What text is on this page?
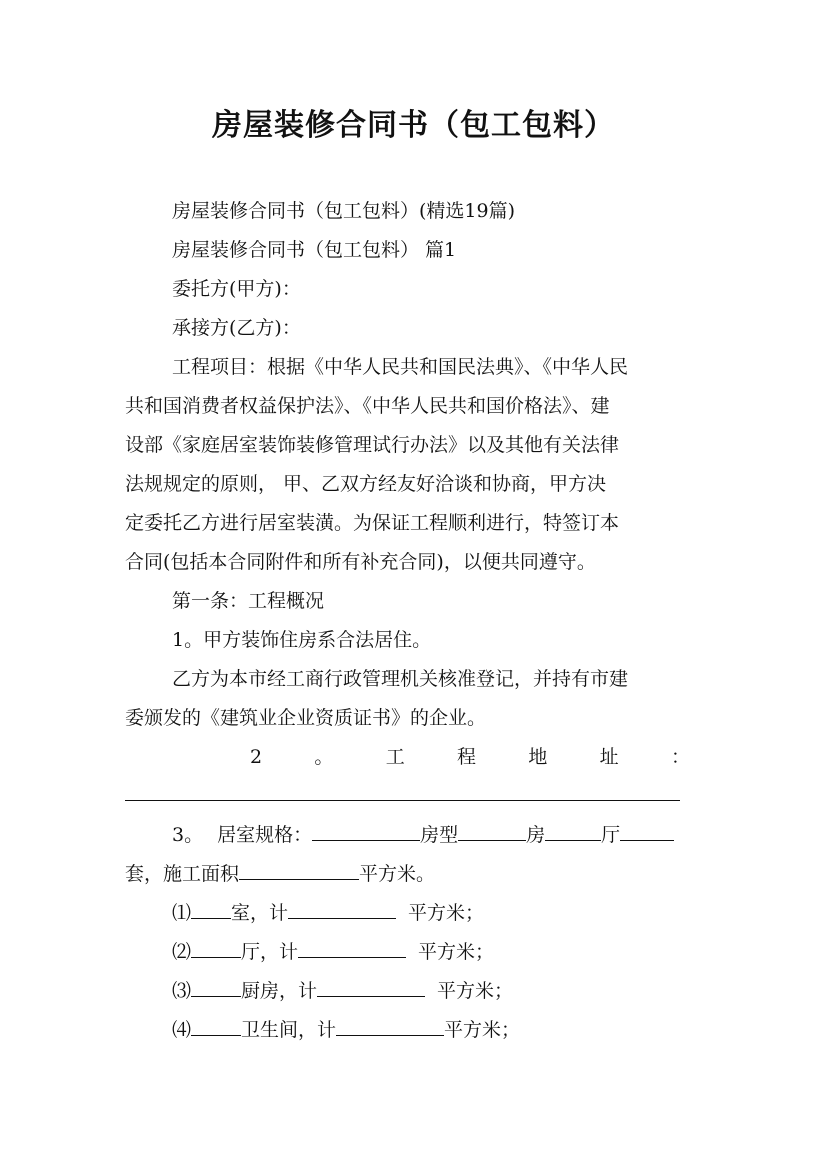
房屋装修合同书（包工包料）

房屋装修合同书（包工包料）(精选19篇)

房屋装修合同书（包工包料） 篇1

委托方(甲方)：

承接方(乙方)：

工程项目：根据《中华人民共和国民法典》、《中华人民

共和国消费者权益保护法》、《中华人民共和国价格法》、建

设部《家庭居室装饰装修管理试行办法》以及其他有关法律

法规规定的原则， 甲、乙双方经友好洽谈和协商，甲方决

定委托乙方进行居室装潢。为保证工程顺利进行，特签订本

合同(包括本合同附件和所有补充合同)，以便共同遵守。

第一条：工程概况

1。甲方装饰住房系合法居住。

乙方为本市经工商行政管理机关核准登记，并持有市建

委颁发的《建筑业企业资质证书》的企业。

2	。	工	程	地	址	：

3。 居室规格：	房型	房	厅

套，施工面积	平方米。

⑴ 室，计	平方米；

⑵	厅，计	平方米；

⑶	厨房，计	平方米；

⑷	卫生间，计	平方米；
